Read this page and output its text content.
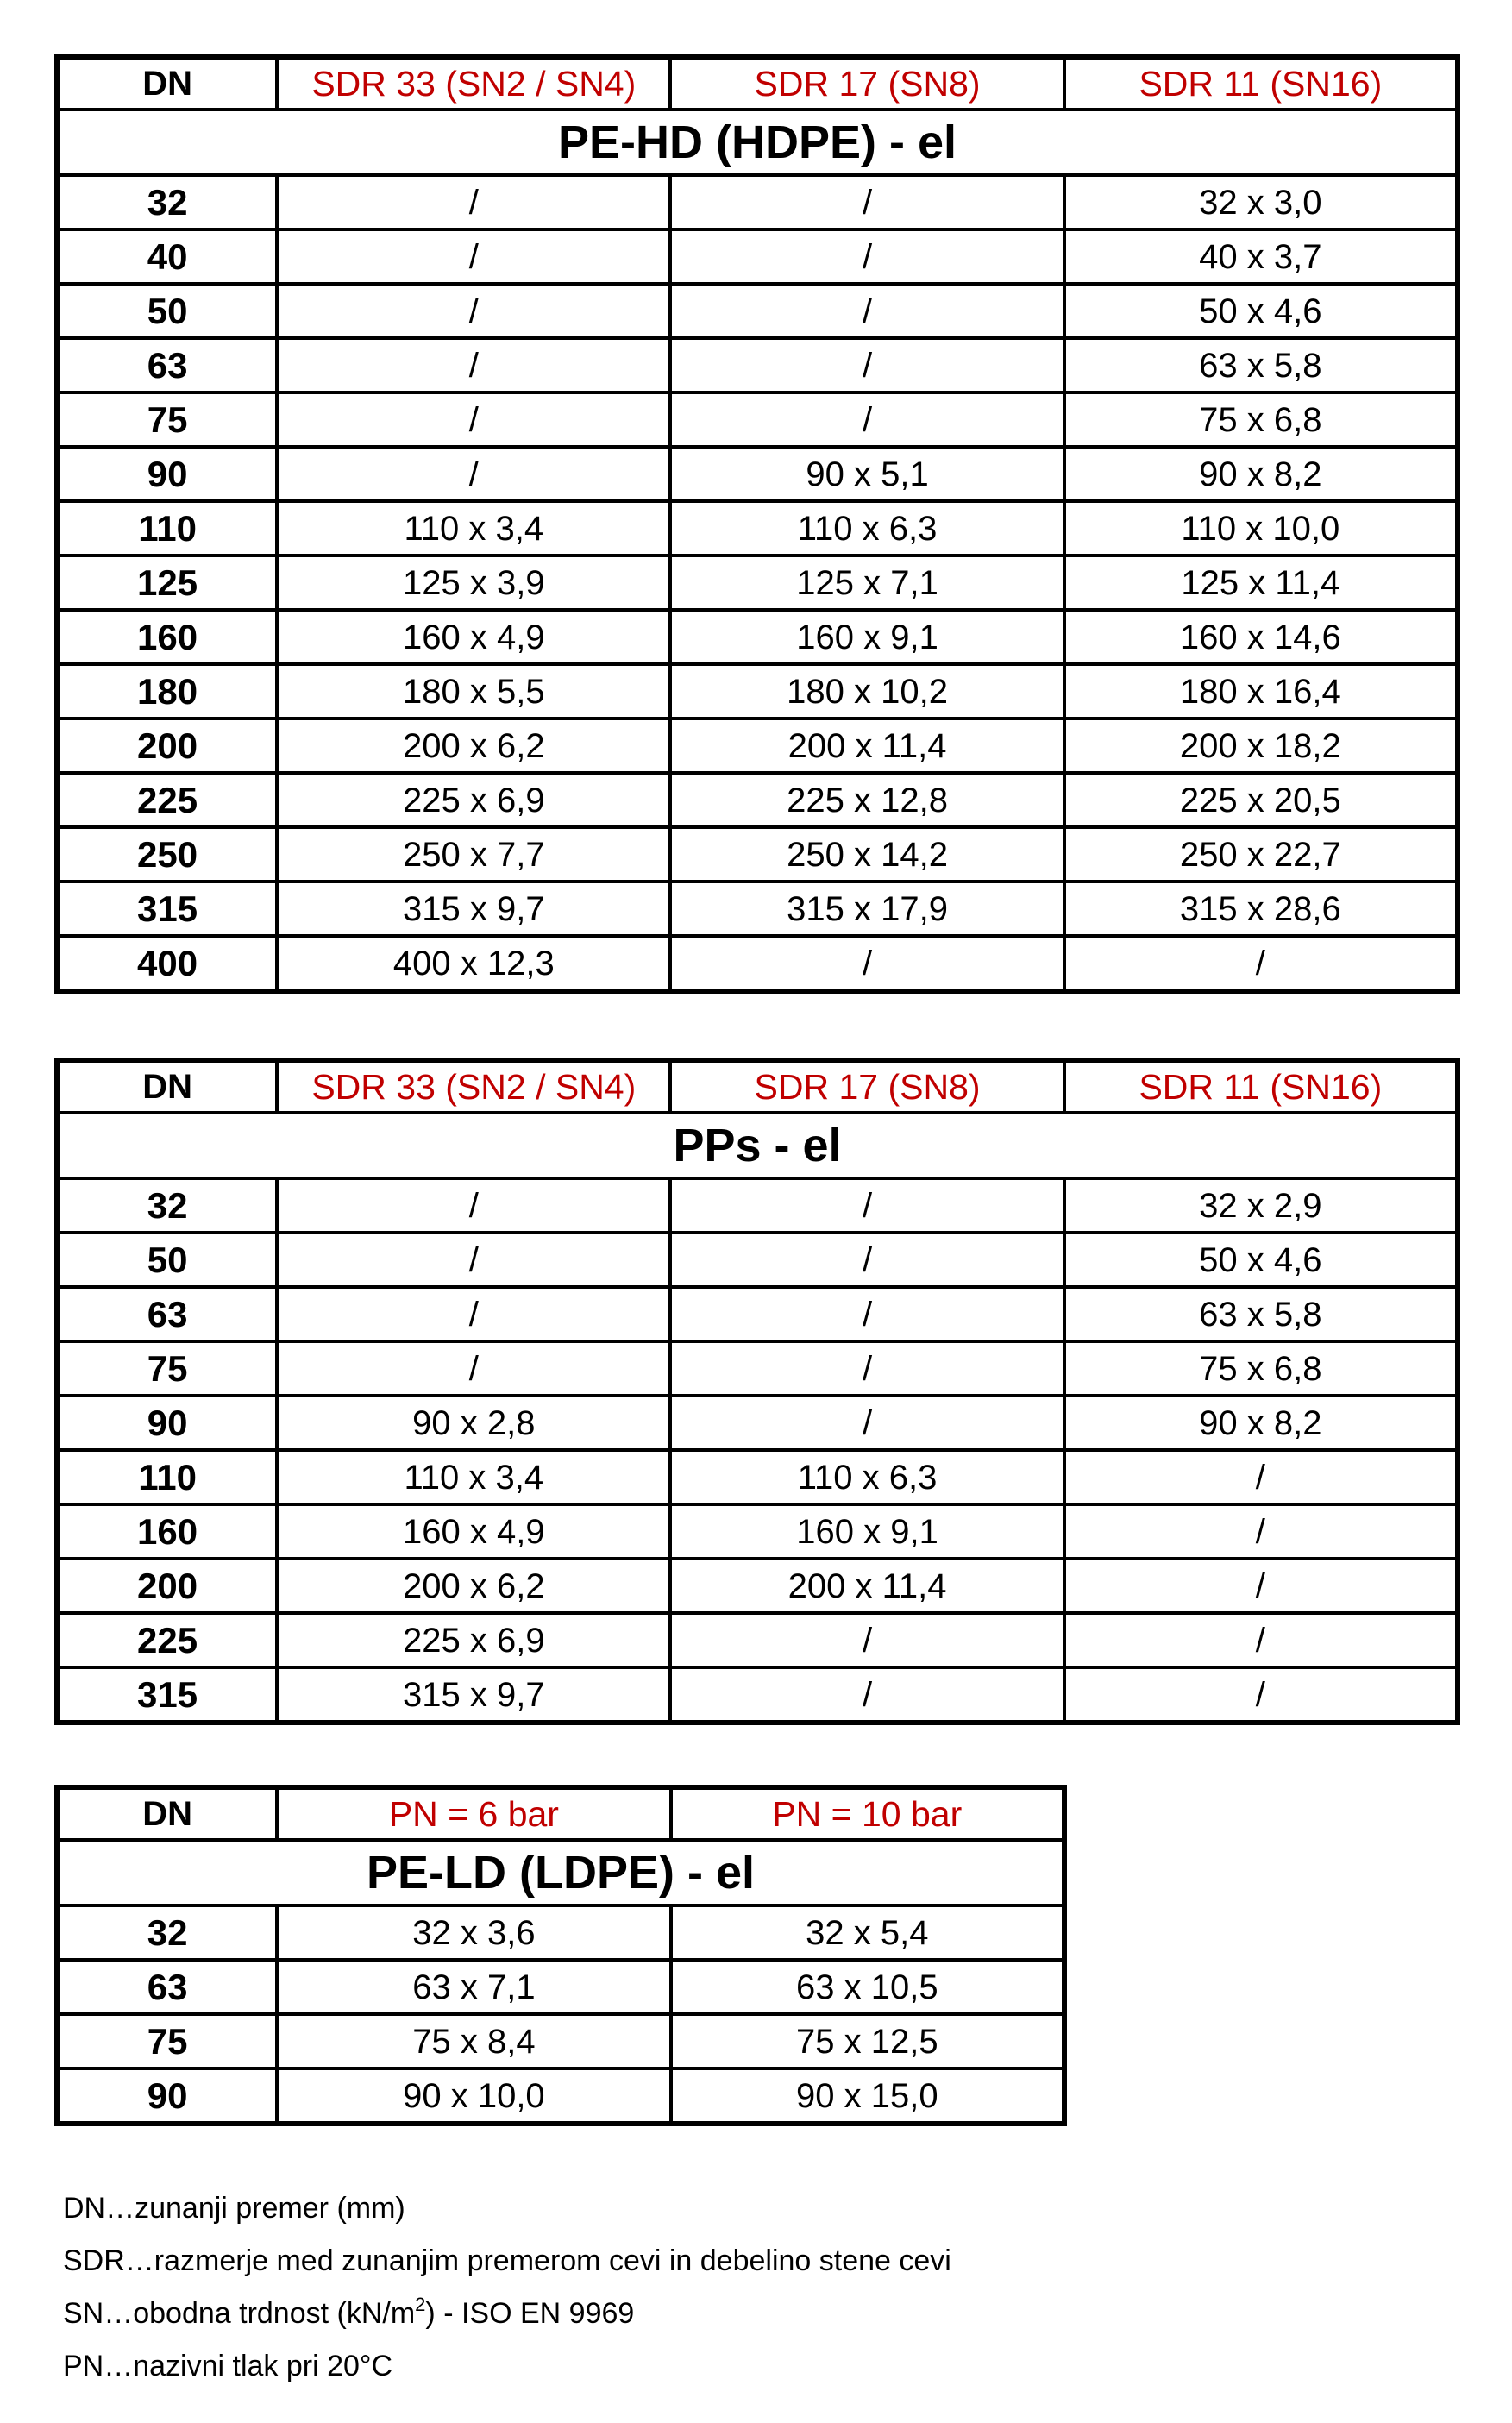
DN	SDR 33 (SN2 / SN4)	SDR 17 (SN8)	SDR 11 (SN16)
PE-HD (HDPE) - el			
32	/	/	32 x 3,0
40	/	/	40 x 3,7
50	/	/	50 x 4,6
63	/	/	63 x 5,8
75	/	/	75 x 6,8
90	/	90 x 5,1	90 x 8,2
110	110 x 3,4	110 x 6,3	110 x 10,0
125	125 x 3,9	125 x 7,1	125 x 11,4
160	160 x 4,9	160 x 9,1	160 x 14,6
180	180 x 5,5	180 x 10,2	180 x 16,4
200	200 x 6,2	200 x 11,4	200 x 18,2
225	225 x 6,9	225 x 12,8	225 x 20,5
250	250 x 7,7	250 x 14,2	250 x 22,7
315	315 x 9,7	315 x 17,9	315 x 28,6
400	400 x 12,3	/	/
DN	SDR 33 (SN2 / SN4)	SDR 17 (SN8)	SDR 11 (SN16)
PPs - el			
32	/	/	32 x 2,9
50	/	/	50 x 4,6
63	/	/	63 x 5,8
75	/	/	75 x 6,8
90	90 x 2,8	/	90 x 8,2
110	110 x 3,4	110 x 6,3	/
160	160 x 4,9	160 x 9,1	/
200	200 x 6,2	200 x 11,4	/
225	225 x 6,9	/	/
315	315 x 9,7	/	/
DN	PN = 6 bar	PN = 10 bar
PE-LD (LDPE) - el		
32	32 x 3,6	32 x 5,4
63	63 x 7,1	63 x 10,5
75	75 x 8,4	75 x 12,5
90	90 x 10,0	90 x 15,0
DN…zunanji premer (mm)
SDR…razmerje med zunanjim premerom cevi in debelino stene cevi
SN…obodna trdnost $(kN/m^2)$ - ISO EN 9969
PN…nazivni tlak pri 20°C
